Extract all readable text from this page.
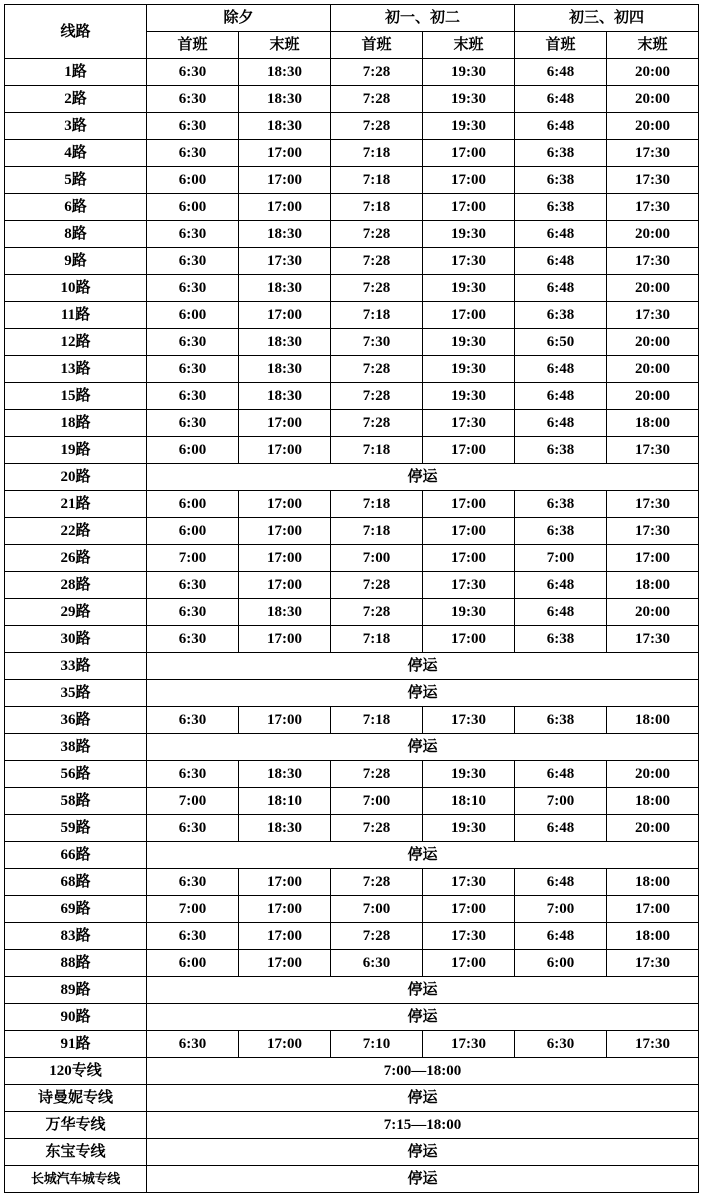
线路	除夕		初一、初二		初三、初四	
	首班	末班	首班	末班	首班	末班
1路	6:30	18:30	7:28	19:30	6:48	20:00
2路	6:30	18:30	7:28	19:30	6:48	20:00
3路	6:30	18:30	7:28	19:30	6:48	20:00
4路	6:30	17:00	7:18	17:00	6:38	17:30
5路	6:00	17:00	7:18	17:00	6:38	17:30
6路	6:00	17:00	7:18	17:00	6:38	17:30
8路	6:30	18:30	7:28	19:30	6:48	20:00
9路	6:30	17:30	7:28	17:30	6:48	17:30
10路	6:30	18:30	7:28	19:30	6:48	20:00
11路	6:00	17:00	7:18	17:00	6:38	17:30
12路	6:30	18:30	7:30	19:30	6:50	20:00
13路	6:30	18:30	7:28	19:30	6:48	20:00
15路	6:30	18:30	7:28	19:30	6:48	20:00
18路	6:30	17:00	7:28	17:30	6:48	18:00
19路	6:00	17:00	7:18	17:00	6:38	17:30
20路	停运					
21路	6:00	17:00	7:18	17:00	6:38	17:30
22路	6:00	17:00	7:18	17:00	6:38	17:30
26路	7:00	17:00	7:00	17:00	7:00	17:00
28路	6:30	17:00	7:28	17:30	6:48	18:00
29路	6:30	18:30	7:28	19:30	6:48	20:00
30路	6:30	17:00	7:18	17:00	6:38	17:30
33路	停运					
35路	停运					
36路	6:30	17:00	7:18	17:30	6:38	18:00
38路	停运					
56路	6:30	18:30	7:28	19:30	6:48	20:00
58路	7:00	18:10	7:00	18:10	7:00	18:00
59路	6:30	18:30	7:28	19:30	6:48	20:00
66路	停运					
68路	6:30	17:00	7:28	17:30	6:48	18:00
69路	7:00	17:00	7:00	17:00	7:00	17:00
83路	6:30	17:00	7:28	17:30	6:48	18:00
88路	6:00	17:00	6:30	17:00	6:00	17:30
89路	停运					
90路	停运					
91路	6:30	17:00	7:10	17:30	6:30	17:30
120专线	7:00—18:00					
诗曼妮专线	停运					
万华专线	7:15—18:00					
东宝专线	停运					
长城汽车城专线	停运					
